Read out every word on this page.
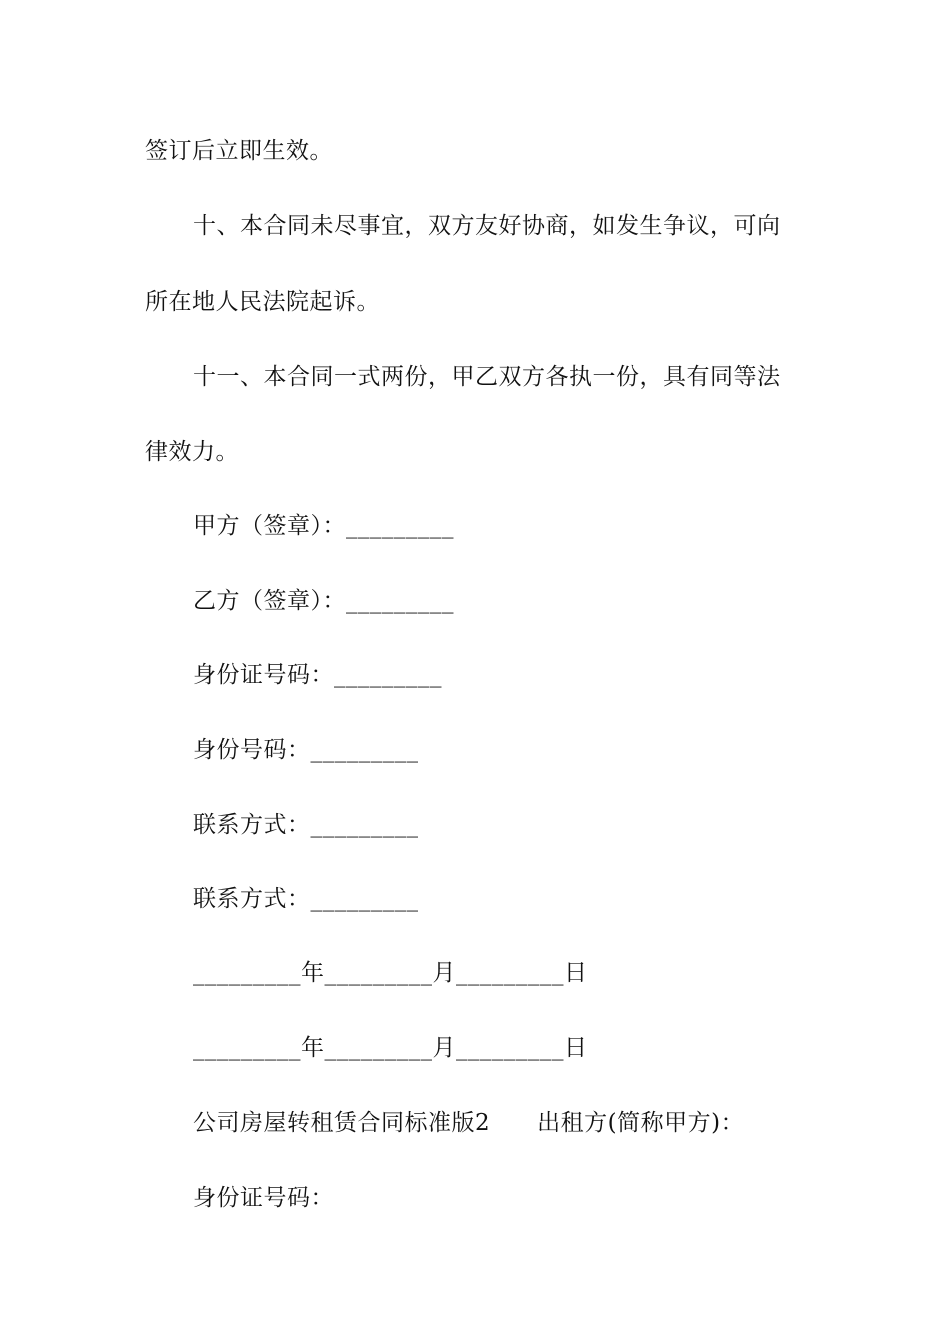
签订后立即生效。
十、本合同未尽事宜，双方友好协商，如发生争议，可向
所在地人民法院起诉。
十一、本合同一式两份，甲乙双方各执一份，具有同等法
律效力。
甲方（签章）：_________
乙方（签章）：_________
身份证号码：_________
身份号码：_________
联系方式：_________
联系方式：_________
_________年_________月_________日
_________年_________月_________日
公司房屋转租赁合同标准版2　　出租方(简称甲方)：
身份证号码：
